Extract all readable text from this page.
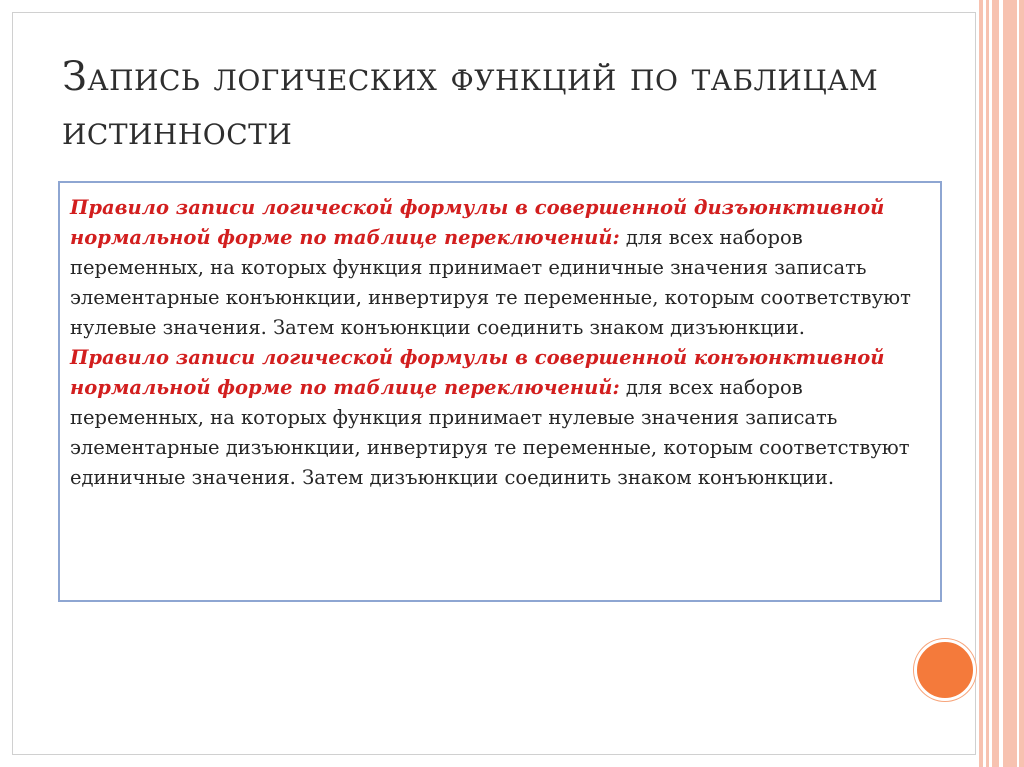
Запись логических функций по таблицам истинности

Правило записи логической формулы в совершенной дизъюнктивной нормальной форме по таблице переключений: для всех наборов переменных, на которых функция принимает единичные значения записать элементарные конъюнкции, инвертируя те переменные, которым соответствуют нулевые значения. Затем конъюнкции соединить знаком дизъюнкции.
Правило записи логической формулы в совершенной конъюнктивной нормальной форме по таблице переключений: для всех наборов переменных, на которых функция принимает нулевые значения записать элементарные дизъюнкции, инвертируя те переменные, которым соответствуют единичные значения. Затем дизъюнкции соединить знаком конъюнкции.
